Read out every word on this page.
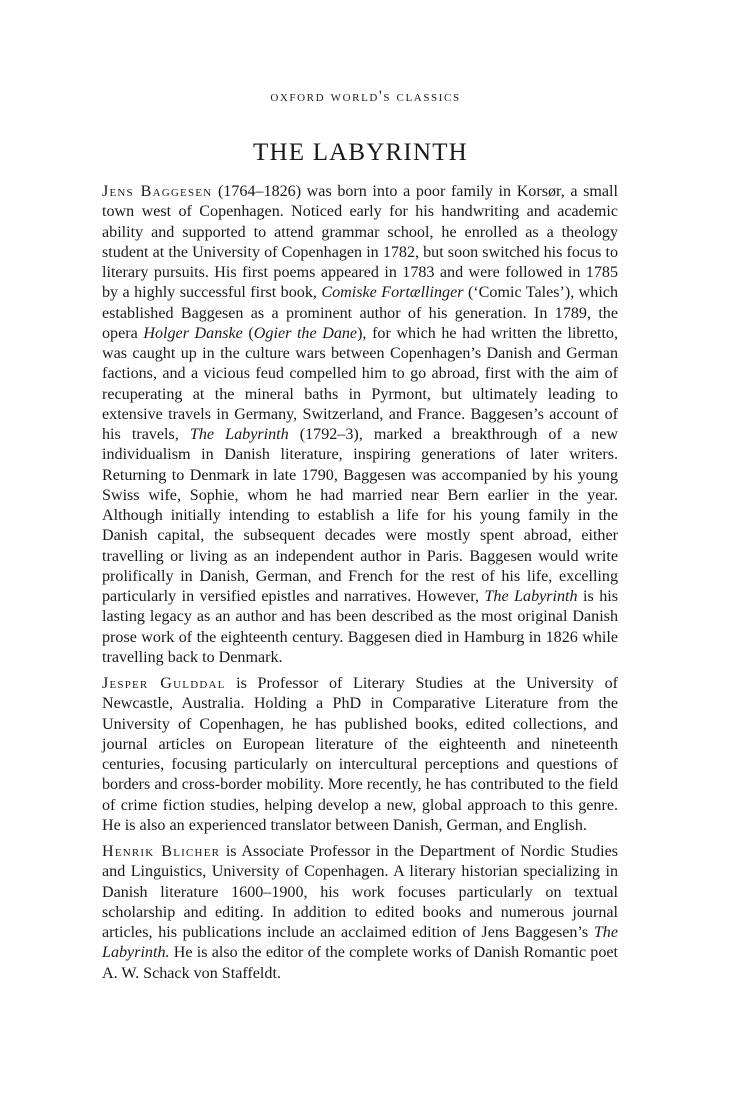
oxford world's classics
THE LABYRINTH

Jens Baggesen (1764–1826) was born into a poor family in Korsør, a small town west of Copenhagen. Noticed early for his handwriting and academic ability and supported to attend grammar school, he enrolled as a theology student at the University of Copenhagen in 1782, but soon switched his focus to literary pursuits. His first poems appeared in 1783 and were followed in 1785 by a highly successful first book, Comiske Fortællinger (‘Comic Tales’), which established Baggesen as a prominent author of his generation. In 1789, the opera Holger Danske (Ogier the Dane), for which he had written the libretto, was caught up in the culture wars between Copenhagen’s Danish and German factions, and a vicious feud compelled him to go abroad, first with the aim of recuperating at the mineral baths in Pyrmont, but ultimately leading to extensive travels in Germany, Switzerland, and France. Baggesen’s account of his travels, The Labyrinth (1792–3), marked a breakthrough of a new individualism in Danish literature, inspiring generations of later writers. Returning to Denmark in late 1790, Baggesen was accompanied by his young Swiss wife, Sophie, whom he had married near Bern earlier in the year. Although initially intending to establish a life for his young family in the Danish capital, the subsequent decades were mostly spent abroad, either travelling or living as an independent author in Paris. Baggesen would write prolifically in Danish, German, and French for the rest of his life, excelling particularly in versified epistles and narratives. However, The Labyrinth is his lasting legacy as an author and has been described as the most original Danish prose work of the eighteenth century. Baggesen died in Hamburg in 1826 while travelling back to Denmark.

Jesper Gulddal is Professor of Literary Studies at the University of Newcastle, Australia. Holding a PhD in Comparative Literature from the University of Copenhagen, he has published books, edited collections, and journal articles on European literature of the eighteenth and nineteenth centuries, focusing particularly on intercultural perceptions and questions of borders and cross-border mobility. More recently, he has contributed to the field of crime fiction studies, helping develop a new, global approach to this genre. He is also an experienced translator between Danish, German, and English.

Henrik Blicher is Associate Professor in the Department of Nordic Studies and Linguistics, University of Copenhagen. A literary historian specializing in Danish literature 1600–1900, his work focuses particularly on textual scholarship and editing. In addition to edited books and numerous journal articles, his publications include an acclaimed edition of Jens Baggesen’s The Labyrinth. He is also the editor of the complete works of Danish Romantic poet A. W. Schack von Staffeldt.
